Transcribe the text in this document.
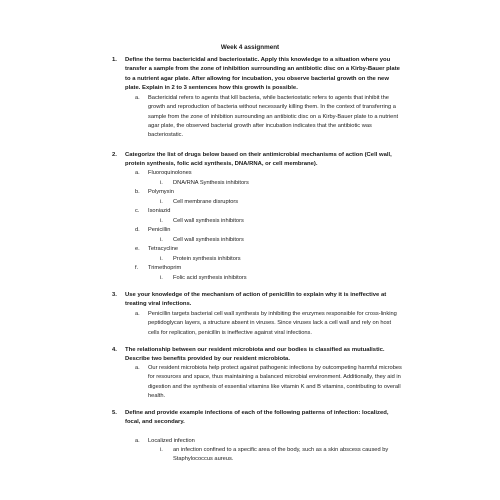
Week 4 assignment
1. Define the terms bactericidal and bacteriostatic. Apply this knowledge to a situation where you transfer a sample from the zone of inhibition surrounding an antibiotic disc on a Kirby-Bauer plate to a nutrient agar plate. After allowing for incubation, you observe bacterial growth on the new plate. Explain in 2 to 3 sentences how this growth is possible.
a. Bactericidal refers to agents that kill bacteria, while bacteriostatic refers to agents that inhibit the growth and reproduction of bacteria without necessarily killing them. In the context of transferring a sample from the zone of inhibition surrounding an antibiotic disc on a Kirby-Bauer plate to a nutrient agar plate, the observed bacterial growth after incubation indicates that the antibiotic was bacteriostatic.
2. Categorize the list of drugs below based on their antimicrobial mechanisms of action (Cell wall, protein synthesis, folic acid synthesis, DNA/RNA, or cell membrane).
a. Fluoroquinolones
i. DNA/RNA Synthesis inhibitors
b. Polymyxin
i. Cell membrane disruptors
c. Isoniazid
i. Cell wall synthesis inhibitors
d. Penicillin
i. Cell wall synthesis inhibitors
e. Tetracycline
i. Protein synthesis inhibitors
f. Trimethoprim
i. Folic acid synthesis inhibitors
3. Use your knowledge of the mechanism of action of penicillin to explain why it is ineffective at treating viral infections.
a. Penicillin targets bacterial cell wall synthesis by inhibiting the enzymes responsible for cross-linking peptidoglycan layers, a structure absent in viruses. Since viruses lack a cell wall and rely on host cells for replication, penicillin is ineffective against viral infections.
4. The relationship between our resident microbiota and our bodies is classified as mutualistic. Describe two benefits provided by our resident microbiota.
a. Our resident microbiota help protect against pathogenic infections by outcompeting harmful microbes for resources and space, thus maintaining a balanced microbial environment. Additionally, they aid in digestion and the synthesis of essential vitamins like vitamin K and B vitamins, contributing to overall health.
5. Define and provide example infections of each of the following patterns of infection: localized, focal, and secondary.
a. Localized infection
i. an infection confined to a specific area of the body, such as a skin abscess caused by Staphylococcus aureus.
